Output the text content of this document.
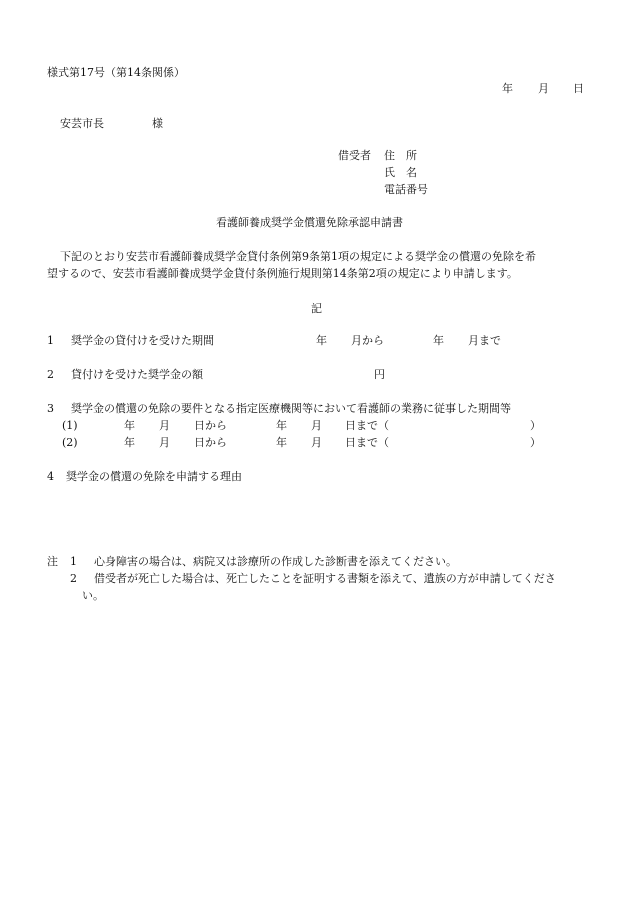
様式第17号（第14条関係）
年 月 日
安芸市長	様
借受者 住　所
氏　名
電話番号
看護師養成奨学金償還免除承認申請書
下記のとおり安芸市看護師養成奨学金貸付条例第9条第1項の規定による奨学金の償還の免除を希
望するので、安芸市看護師養成奨学金貸付条例施行規則第14条第2項の規定により申請します。
記
1 奨学金の貸付けを受けた期間	年 月から	年 月まで
2 貸付けを受けた奨学金の額	円
3 奨学金の償還の免除の要件となる指定医療機関等において看護師の業務に従事した期間等
(1)	年 月 日から	年 月 日まで（	）
(2)	年 月 日から	年 月 日まで（	）
4 奨学金の償還の免除を申請する理由
注 1 心身障害の場合は、病院又は診療所の作成した診断書を添えてください。
2 借受者が死亡した場合は、死亡したことを証明する書類を添えて、遺族の方が申請してくださ
い。
